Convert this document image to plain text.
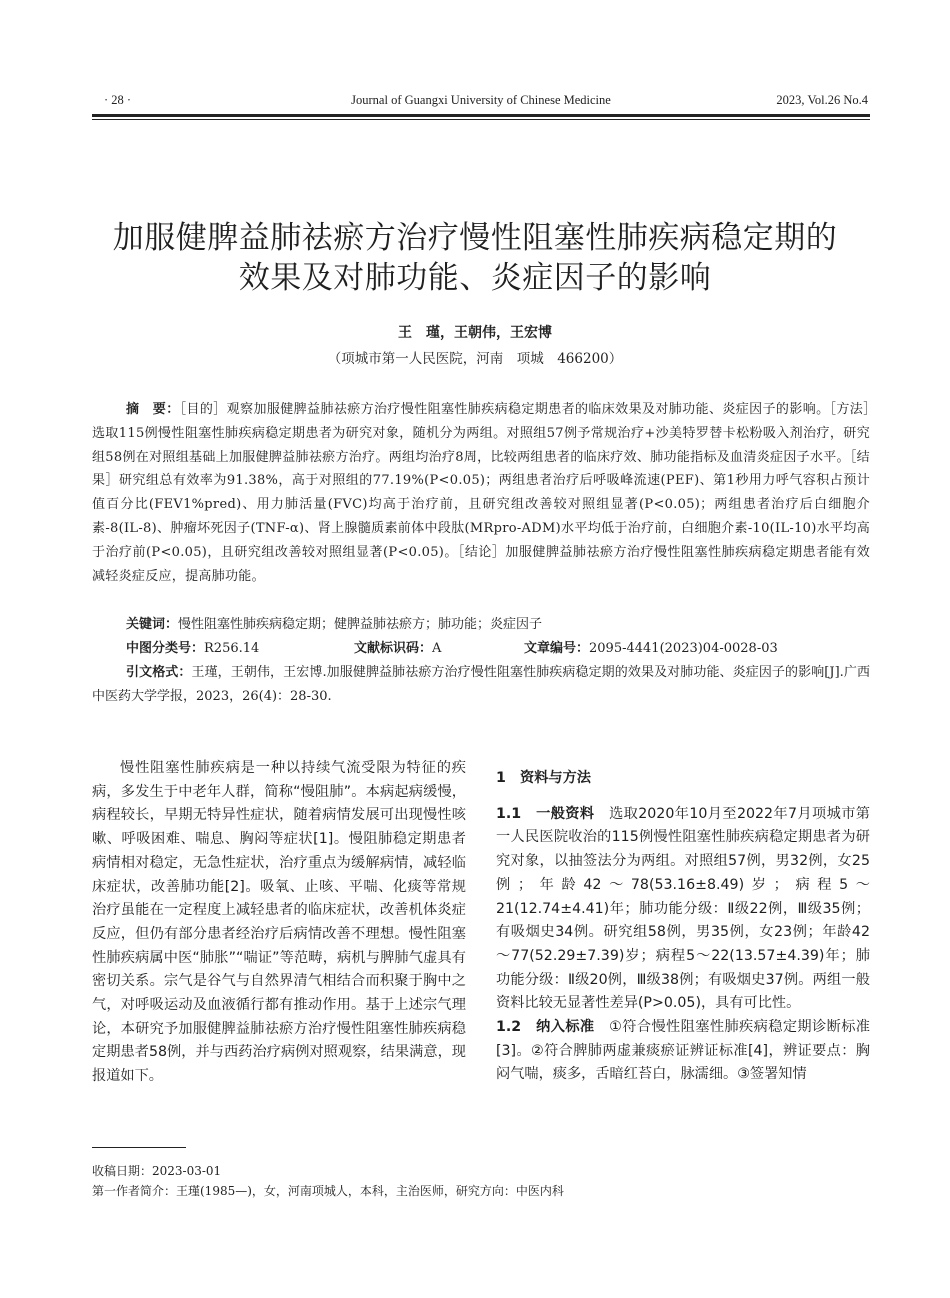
· 28 ·	Journal of Guangxi University of Chinese Medicine	2023, Vol.26 No.4
加服健脾益肺祛瘀方治疗慢性阻塞性肺疾病稳定期的
效果及对肺功能、炎症因子的影响
王　瑾，王朝伟，王宏博
（项城市第一人民医院，河南　项城　466200）
摘　要：［目的］观察加服健脾益肺祛瘀方治疗慢性阻塞性肺疾病稳定期患者的临床效果及对肺功能、炎症因子的影响。［方法］选取115例慢性阻塞性肺疾病稳定期患者为研究对象，随机分为两组。对照组57例予常规治疗+沙美特罗替卡松粉吸入剂治疗，研究组58例在对照组基础上加服健脾益肺祛瘀方治疗。两组均治疗8周，比较两组患者的临床疗效、肺功能指标及血清炎症因子水平。［结果］研究组总有效率为91.38%，高于对照组的77.19%(P<0.05)；两组患者治疗后呼吸峰流速(PEF)、第1秒用力呼气容积占预计值百分比(FEV1%pred)、用力肺活量(FVC)均高于治疗前，且研究组改善较对照组显著(P<0.05)；两组患者治疗后白细胞介素-8(IL-8)、肿瘤坏死因子(TNF-α)、肾上腺髓质素前体中段肽(MRpro-ADM)水平均低于治疗前，白细胞介素-10(IL-10)水平均高于治疗前(P<0.05)，且研究组改善较对照组显著(P<0.05)。［结论］加服健脾益肺祛瘀方治疗慢性阻塞性肺疾病稳定期患者能有效减轻炎症反应，提高肺功能。
关键词：慢性阻塞性肺疾病稳定期；健脾益肺祛瘀方；肺功能；炎症因子
中图分类号：R256.14	文献标识码：A	文章编号：2095-4441(2023)04-0028-03
引文格式：王瑾，王朝伟，王宏博.加服健脾益肺祛瘀方治疗慢性阻塞性肺疾病稳定期的效果及对肺功能、炎症因子的影响[J].广西中医药大学学报，2023，26(4)：28-30.

慢性阻塞性肺疾病是一种以持续气流受限为特征的疾病，多发生于中老年人群，简称“慢阻肺”。本病起病缓慢，病程较长，早期无特异性症状，随着病情发展可出现慢性咳嗽、呼吸困难、喘息、胸闷等症状[1]。慢阻肺稳定期患者病情相对稳定，无急性症状，治疗重点为缓解病情，减轻临床症状，改善肺功能[2]。吸氧、止咳、平喘、化痰等常规治疗虽能在一定程度上减轻患者的临床症状，改善机体炎症反应，但仍有部分患者经治疗后病情改善不理想。慢性阻塞性肺疾病属中医“肺胀”“喘证”等范畴，病机与脾肺气虚具有密切关系。宗气是谷气与自然界清气相结合而积聚于胸中之气，对呼吸运动及血液循行都有推动作用。基于上述宗气理论，本研究予加服健脾益肺祛瘀方治疗慢性阻塞性肺疾病稳定期患者58例，并与西药治疗病例对照观察，结果满意，现报道如下。

1　资料与方法

1.1　一般资料　 选取2020年10月至2022年7月项城市第一人民医院收治的115例慢性阻塞性肺疾病稳定期患者为研究对象，以抽签法分为两组。对照组57例，男32例，女25例；年龄42～78(53.16±8.49)岁；病程5～21(12.74±4.41)年；肺功能分级：Ⅱ级22例，Ⅲ级35例；有吸烟史34例。研究组58例，男35例，女23例；年龄42～77(52.29±7.39)岁；病程5～22(13.57±4.39)年；肺功能分级：Ⅱ级20例，Ⅲ级38例；有吸烟史37例。两组一般资料比较无显著性差异(P>0.05)，具有可比性。

1.2　纳入标准　 ①符合慢性阻塞性肺疾病稳定期诊断标准[3]。②符合脾肺两虚兼痰瘀证辨证标准[4]，辨证要点：胸闷气喘，痰多，舌暗红苔白，脉濡细。③签署知情

收稿日期：2023-03-01
第一作者简介：王瑾(1985—)，女，河南项城人，本科，主治医师，研究方向：中医内科
